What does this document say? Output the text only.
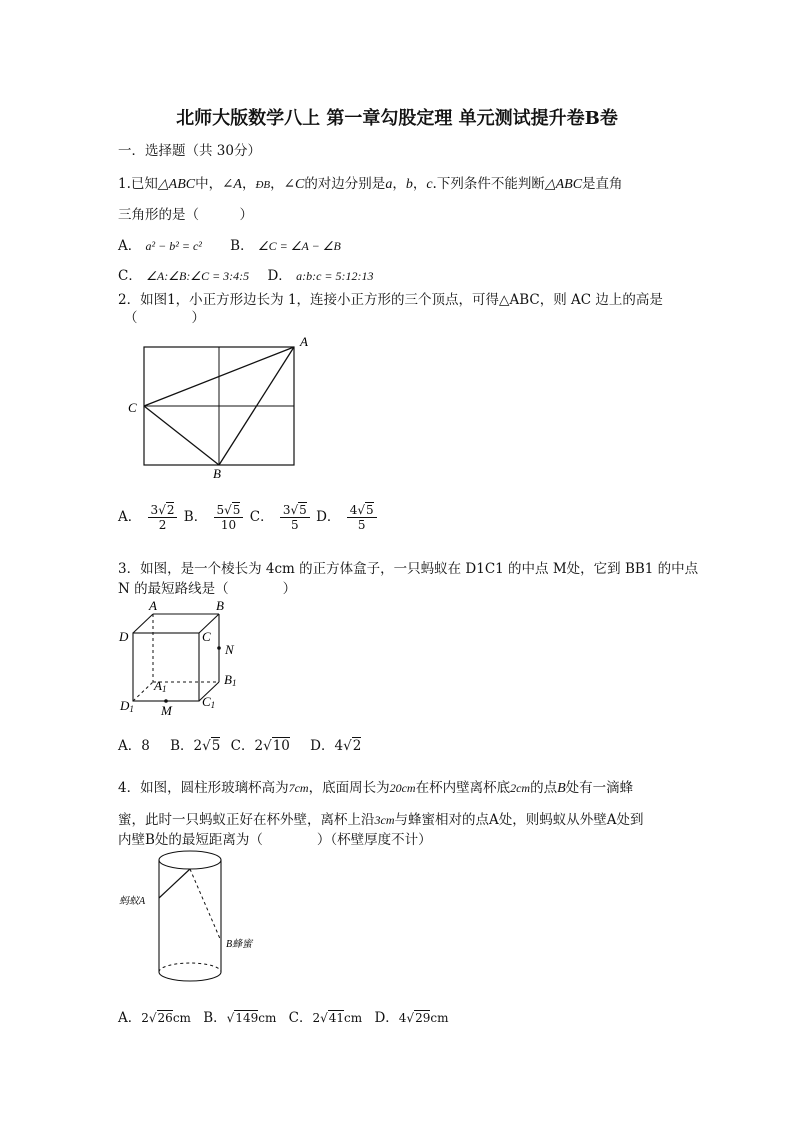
北师大版数学八上 第一章勾股定理 单元测试提升卷B卷
一．选择题（共 30分）
1.已知△ABC中，∠A，ÐB，∠C的对边分别是a，b，c.下列条件不能判断△ABC是直角
三角形的是（　　　）
A． a² − b² = c² B． ∠C = ∠A − ∠B
C． ∠A:∠B:∠C = 3:4:5 D． a:b:c = 5:12:13
2．如图1，小正方形边长为 1，连接小正方形的三个顶点，可得△ABC，则 AC 边上的高是
（　　　　）
A
C
B
A． $\frac{3√2}{2}$ B． $\frac{5√5}{10}$ C． $\frac{3√5}{5}$ D． $\frac{4√5}{5}$
3．如图，是一个棱长为 4cm 的正方体盒子，一只蚂蚁在 D1C1 的中点 M处，它到 BB1 的中点
N 的最短路线是（　　　　）
A	B
D	C
N
A1
B1
C1
D1 M
A．8 B．2√5 C．2√10 D．4√2
4．如图，圆柱形玻璃杯高为7cm，底面周长为20cm在杯内壁离杯底2cm的点B处有一滴蜂
蜜，此时一只蚂蚁正好在杯外壁，离杯上沿3cm与蜂蜜相对的点A处，则蚂蚁从外壁A处到
内壁B处的最短距离为（　　　　）（杯壁厚度不计）
蚂蚁A
B蜂蜜
A．2√26cm B．√149cm C．2√41cm D．4√29cm
